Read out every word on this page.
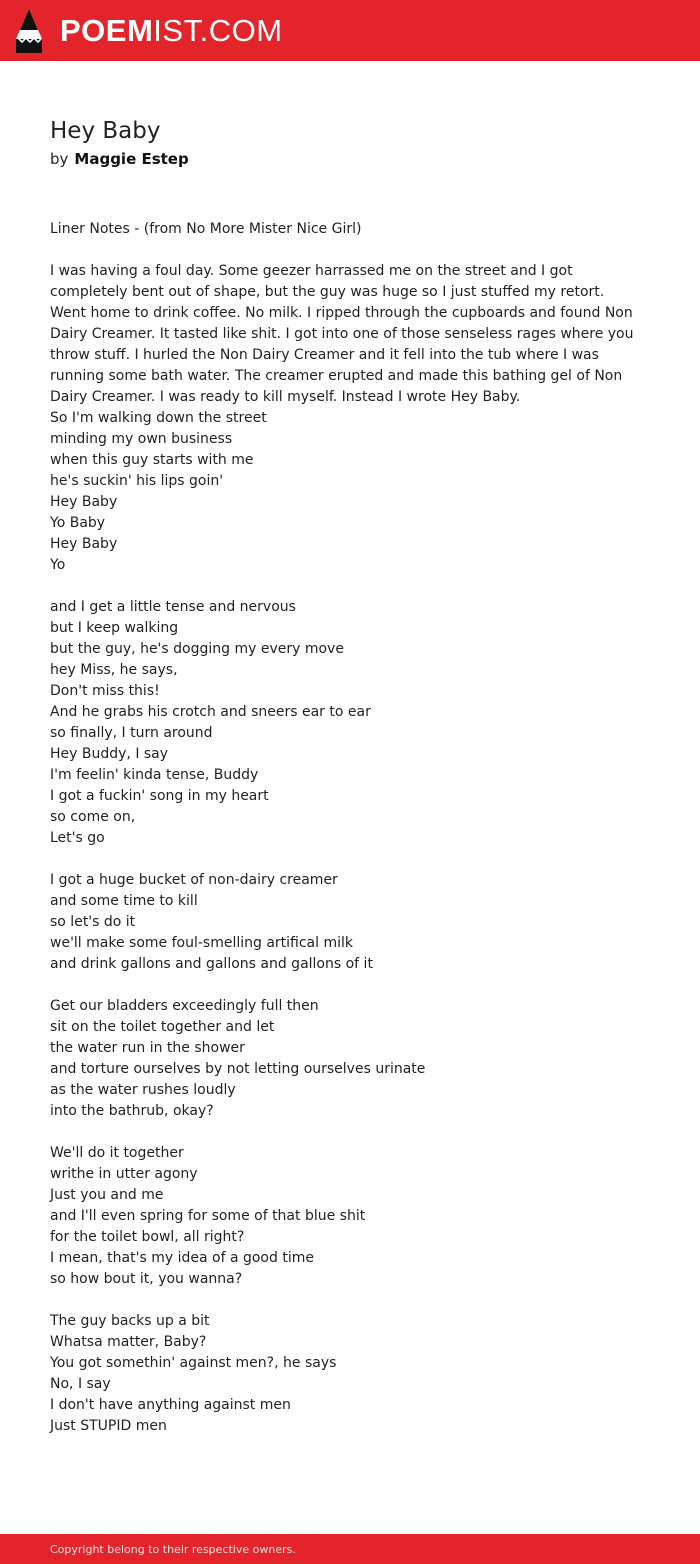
POEMIST.COM
Hey Baby
by Maggie Estep
Liner Notes - (from No More Mister Nice Girl)
I was having a foul day. Some geezer harrassed me on the street and I got completely bent out of shape, but the guy was huge so I just stuffed my retort. Went home to drink coffee. No milk. I ripped through the cupboards and found Non Dairy Creamer. It tasted like shit. I got into one of those senseless rages where you throw stuff. I hurled the Non Dairy Creamer and it fell into the tub where I was running some bath water. The creamer erupted and made this bathing gel of Non Dairy Creamer. I was ready to kill myself. Instead I wrote Hey Baby.
So I'm walking down the street
minding my own business
when this guy starts with me
he's suckin' his lips goin'
Hey Baby
Yo Baby
Hey Baby
Yo
and I get a little tense and nervous
but I keep walking
but the guy, he's dogging my every move
hey Miss, he says,
Don't miss this!
And he grabs his crotch and sneers ear to ear
so finally, I turn around
Hey Buddy, I say
I'm feelin' kinda tense, Buddy
I got a fuckin' song in my heart
so come on,
Let's go
I got a huge bucket of non-dairy creamer
and some time to kill
so let's do it
we'll make some foul-smelling artifical milk
and drink gallons and gallons and gallons of it
Get our bladders exceedingly full then
sit on the toilet together and let
the water run in the shower
and torture ourselves by not letting ourselves urinate
as the water rushes loudly
into the bathrub, okay?
We'll do it together
writhe in utter agony
Just you and me
and I'll even spring for some of that blue shit
for the toilet bowl, all right?
I mean, that's my idea of a good time
so how bout it, you wanna?
The guy backs up a bit
Whatsa matter, Baby?
You got somethin' against men?, he says
No, I say
I don't have anything against men
Just STUPID men
Copyright belong to their respective owners.
